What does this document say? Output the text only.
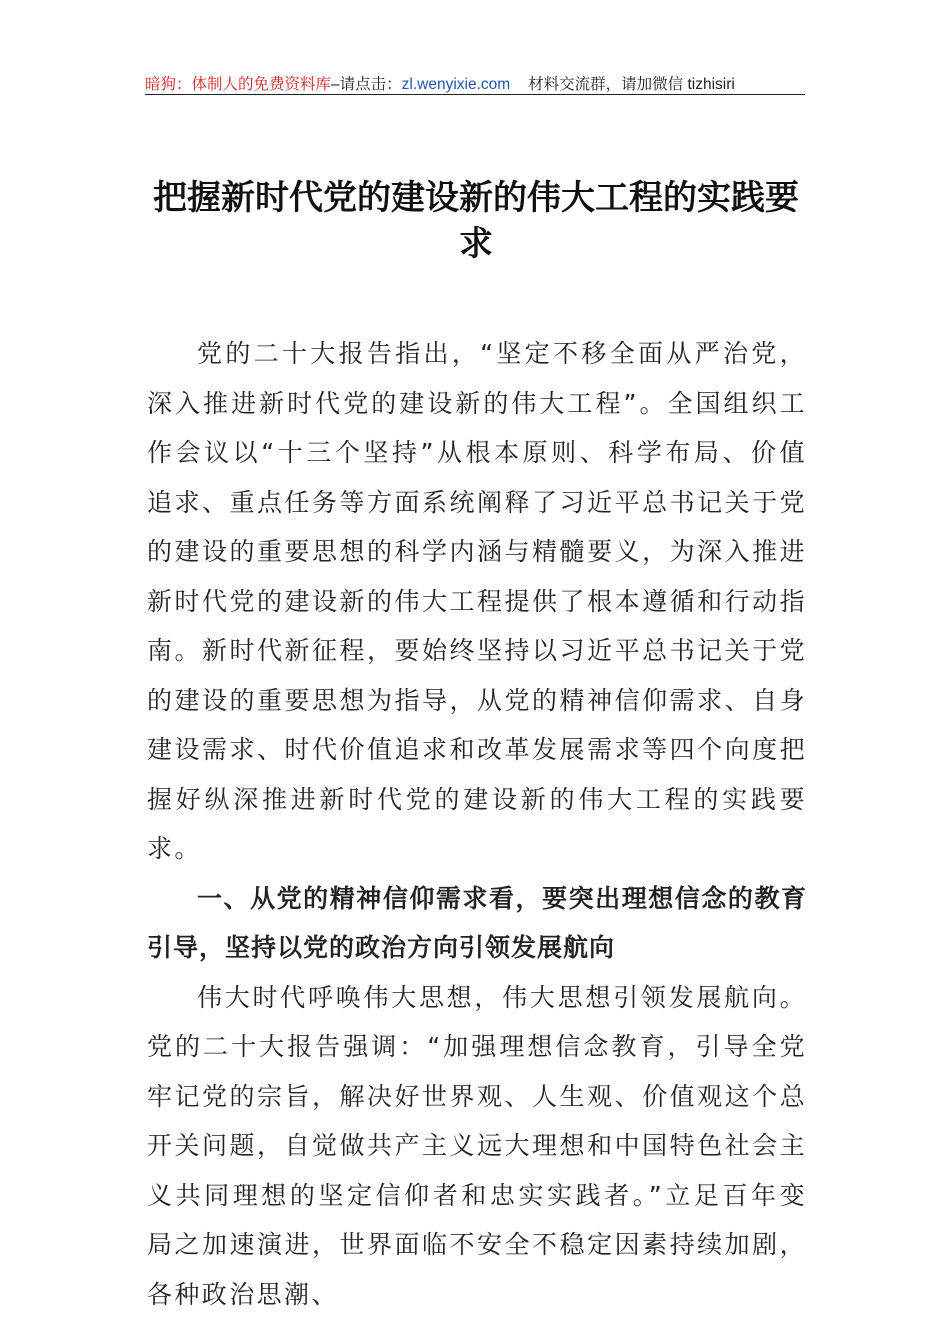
暗狗：体制人的免费资料库 –请点击： zl.wenyixie.com 材料交流群，请加微信 tizhisiri
把握新时代党的建设新的伟大工程的实践要求

党的二十大报告指出，“坚定不移全面从严治党，深入推进新时代党的建设新的伟大工程”。全国组织工作会议以“十三个坚持”从根本原则、科学布局、价值追求、重点任务等方面系统阐释了习近平总书记关于党的建设的重要思想的科学内涵与精髓要义，为深入推进新时代党的建设新的伟大工程提供了根本遵循和行动指南。新时代新征程，要始终坚持以习近平总书记关于党的建设的重要思想为指导，从党的精神信仰需求、自身建设需求、时代价值追求和改革发展需求等四个向度把握好纵深推进新时代党的建设新的伟大工程的实践要求。

一、从党的精神信仰需求看，要突出理想信念的教育引导，坚持以党的政治方向引领发展航向

伟大时代呼唤伟大思想，伟大思想引领发展航向。党的二十大报告强调：“加强理想信念教育，引导全党牢记党的宗旨，解决好世界观、人生观、价值观这个总开关问题，自觉做共产主义远大理想和中国特色社会主义共同理想的坚定信仰者和忠实实践者。”立足百年变局之加速演进，世界面临不安全不稳定因素持续加剧，各种政治思潮、
